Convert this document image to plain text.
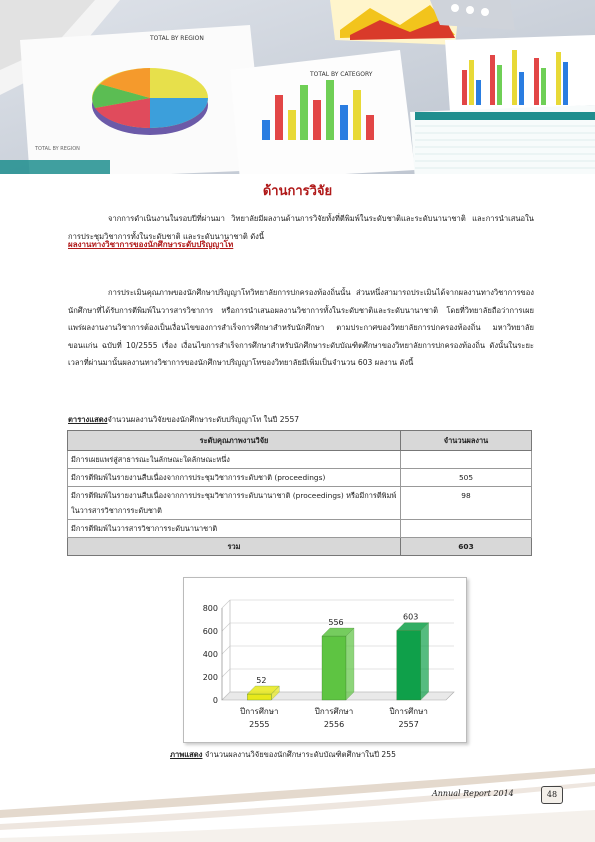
TOTAL BY REGION
TOTAL BY REGION
TOTAL BY CATEGORY
ด้านการวิจัย

จากการดำเนินงานในรอบปีที่ผ่านมา วิทยาลัยมีผลงานด้านการวิจัยทั้งที่ตีพิมพ์ในระดับชาติและระดับนานาชาติ และการนำเสนอในการประชุมวิชาการทั้งในระดับชาติ และระดับนานาชาติ ดังนี้

ผลงานทางวิชาการของนักศึกษาระดับปริญญาโท

การประเมินคุณภาพของนักศึกษาปริญญาโทวิทยาลัยการปกครองท้องถิ่นนั้น ส่วนหนึ่งสามารถประเมินได้จากผลงานทางวิชาการของนักศึกษาที่ได้รับการตีพิมพ์ในวารสารวิชาการ หรือการนำเสนอผลงานวิชาการทั้งในระดับชาติและระดับนานาชาติ โดยที่วิทยาลัยถือว่าการเผยแพร่ผลงานงานวิชาการต้องเป็นเงื่อนไขของการสำเร็จการศึกษาสำหรับนักศึกษา ตามประกาศของวิทยาลัยการปกครองท้องถิ่น มหาวิทยาลัยขอนแก่น ฉบับที่ 10/2555 เรื่อง เงื่อนไขการสำเร็จการศึกษาสำหรับนักศึกษาระดับบัณฑิตศึกษาของวิทยาลัยการปกครองท้องถิ่น ดังนั้นในระยะเวลาที่ผ่านมานั้นผลงานทางวิชาการของนักศึกษาปริญญาโทของวิทยาลัยมีเพิ่มเป็นจำนวน 603 ผลงาน ดังนี้

ตารางแสดงจำนวนผลงานวิจัยของนักศึกษาระดับปริญญาโท ในปี 2557

ระดับคุณภาพงานวิจัย	จำนวนผลงาน
มีการเผยแพร่สู่สาธารณะในลักษณะใดลักษณะหนึ่ง	
มีการตีพิมพ์ในรายงานสืบเนื่องจากการประชุมวิชาการระดับชาติ (proceedings)	505
มีการตีพิมพ์ในรายงานสืบเนื่องจากการประชุมวิชาการระดับนานาชาติ (proceedings) หรือมีการตีพิมพ์ในวารสารวิชาการระดับชาติ	98
มีการตีพิมพ์ในวารสารวิชาการระดับนานาชาติ	
รวม	603
0
200
400
600
800
52
ปีการศึกษา
2555
556
ปีการศึกษา
2556
603
ปีการศึกษา
2557

ภาพแสดง จำนวนผลงานวิจัยของนักศึกษาระดับบัณฑิตศึกษาในปี 255

Annual Report 2014	48
